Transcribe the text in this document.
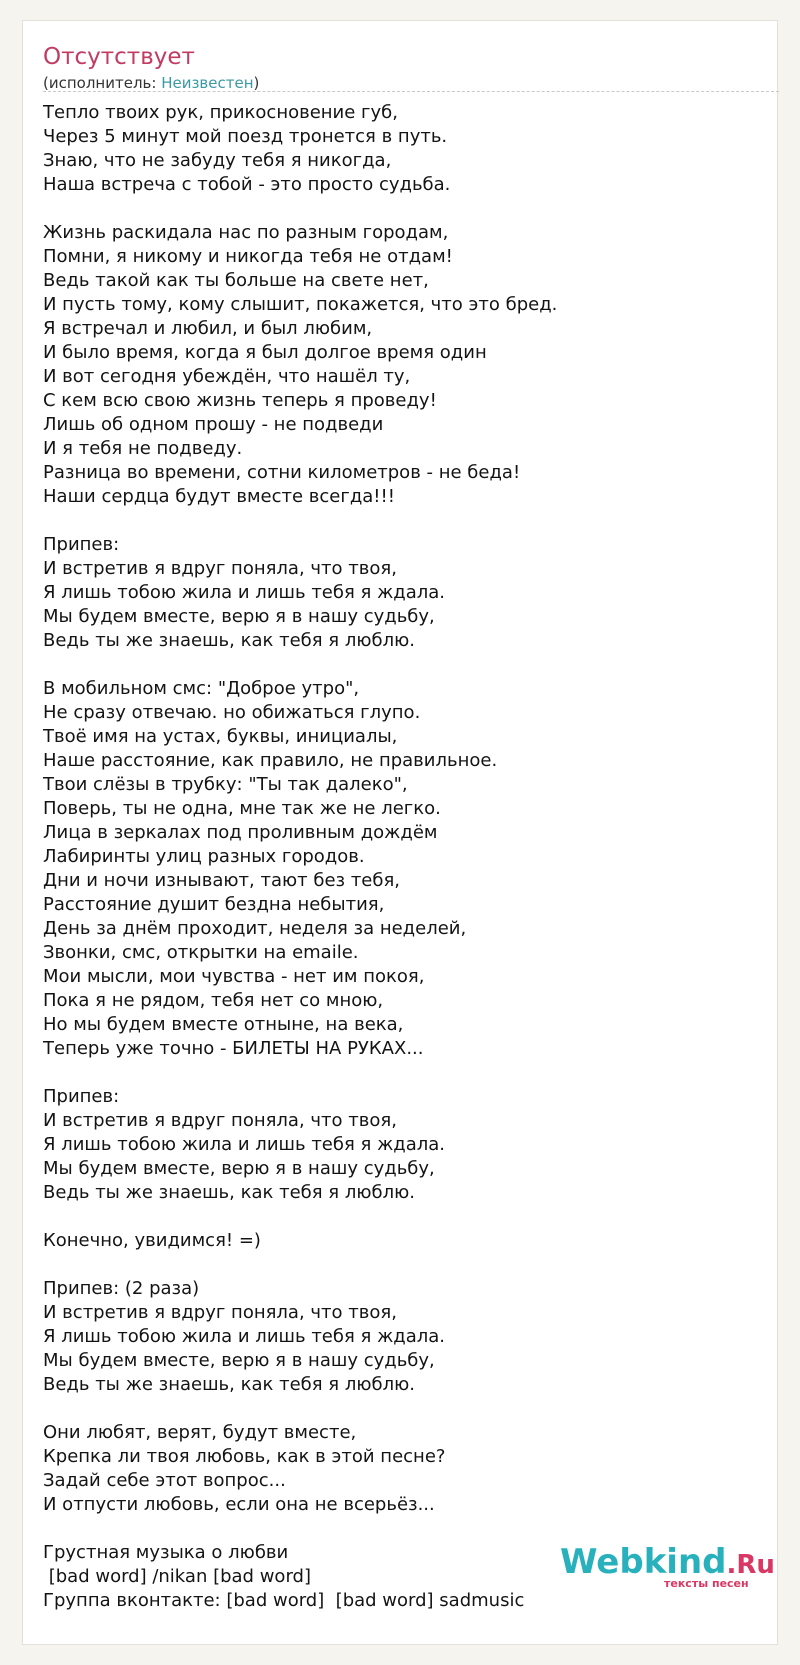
Отсутствует
(исполнитель: Неизвестен)
Тепло твоих рук, прикосновение губ,
Через 5 минут мой поезд тронется в путь.
Знаю, что не забуду тебя я никогда,
Наша встреча с тобой - это просто судьба.
Жизнь раскидала нас по разным городам,
Помни, я никому и никогда тебя не отдам!
Ведь такой как ты больше на свете нет,
И пусть тому, кому слышит, покажется, что это бред.
Я встречал и любил, и был любим,
И было время, когда я был долгое время один
И вот сегодня убеждён, что нашёл ту,
С кем всю свою жизнь теперь я проведу!
Лишь об одном прошу - не подведи
И я тебя не подведу.
Разница во времени, сотни километров - не беда!
Наши сердца будут вместе всегда!!!
Припев:
И встретив я вдруг поняла, что твоя,
Я лишь тобою жила и лишь тебя я ждала.
Мы будем вместе, верю я в нашу судьбу,
Ведь ты же знаешь, как тебя я люблю.
В мобильном смс: "Доброе утро",
Не сразу отвечаю. но обижаться глупо.
Твоё имя на устах, буквы, инициалы,
Наше расстояние, как правило, не правильное.
Твои слёзы в трубку: "Ты так далеко",
Поверь, ты не одна, мне так же не легко.
Лица в зеркалах под проливным дождём
Лабиринты улиц разных городов.
Дни и ночи изнывают, тают без тебя,
Расстояние душит бездна небытия,
День за днём проходит, неделя за неделей,
Звонки, смс, открытки на emaile.
Мои мысли, мои чувства - нет им покоя,
Пока я не рядом, тебя нет со мною,
Но мы будем вместе отныне, на века,
Теперь уже точно - БИЛЕТЫ НА РУКАХ...
Припев:
И встретив я вдруг поняла, что твоя,
Я лишь тобою жила и лишь тебя я ждала.
Мы будем вместе, верю я в нашу судьбу,
Ведь ты же знаешь, как тебя я люблю.
Конечно, увидимся! =)
Припев: (2 раза)
И встретив я вдруг поняла, что твоя,
Я лишь тобою жила и лишь тебя я ждала.
Мы будем вместе, верю я в нашу судьбу,
Ведь ты же знаешь, как тебя я люблю.
Они любят, верят, будут вместе,
Крепка ли твоя любовь, как в этой песне?
Задай себе этот вопрос...
И отпусти любовь, если она не всерьёз...
Грустная музыка о любви
[bad word] /nikan [bad word]
Группа вконтакте: [bad word]  [bad word] sadmusic
Webkind.Ru
тексты песен
